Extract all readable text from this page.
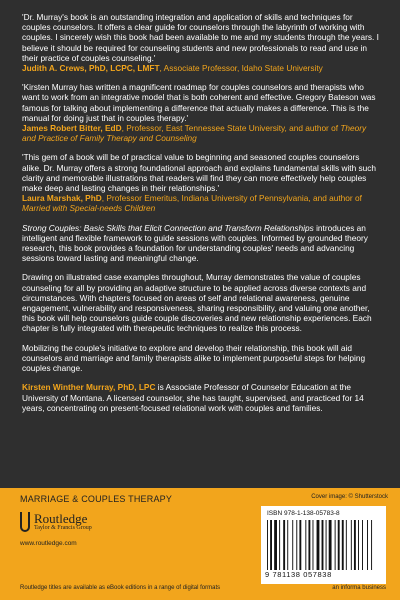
'Dr. Murray's book is an outstanding integration and application of skills and techniques for couples counselors. It offers a clear guide for counselors through the labyrinth of working with couples. I sincerely wish this book had been available to me and my students through the years. I believe it should be required for counseling students and new professionals to read and use in their practice of couples counseling.'
Judith A. Crews, PhD, LCPC, LMFT, Associate Professor, Idaho State University
'Kirsten Murray has written a magnificent roadmap for couples counselors and therapists who want to work from an integrative model that is both coherent and effective. Gregory Bateson was famous for talking about implementing a difference that actually makes a difference. This is the manual for doing just that in couples therapy.'
James Robert Bitter, EdD, Professor, East Tennessee State University, and author of Theory and Practice of Family Therapy and Counseling
'This gem of a book will be of practical value to beginning and seasoned couples counselors alike. Dr. Murray offers a strong foundational approach and explains fundamental skills with such clarity and memorable illustrations that readers will find they can more effectively help couples make deep and lasting changes in their relationships.'
Laura Marshak, PhD, Professor Emeritus, Indiana University of Pennsylvania, and author of Married with Special-needs Children

Strong Couples: Basic Skills that Elicit Connection and Transform Relationships introduces an intelligent and flexible framework to guide sessions with couples. Informed by grounded theory research, this book provides a foundation for understanding couples' needs and advancing sessions toward lasting and meaningful change.

Drawing on illustrated case examples throughout, Murray demonstrates the value of couples counseling for all by providing an adaptive structure to be applied across diverse contexts and circumstances. With chapters focused on areas of self and relational awareness, genuine engagement, vulnerability and responsiveness, sharing responsibility, and valuing one another, this book will help counselors guide couple discoveries and new relationship experiences. Each chapter is fully integrated with therapeutic techniques to realize this process.

Mobilizing the couple's initiative to explore and develop their relationship, this book will aid counselors and marriage and family therapists alike to implement purposeful steps for helping couples change.

Kirsten Winther Murray, PhD, LPC is Associate Professor of Counselor Education at the University of Montana. A licensed counselor, she has taught, supervised, and practiced for 14 years, concentrating on present-focused relational work with couples and families.

MARRIAGE & COUPLES THERAPY
Routledge
Taylor & Francis Group
www.routledge.com
Cover image: © Shutterstock
ISBN 978-1-138-05783-8
9 781138 057838
Routledge titles are available as eBook editions in a range of digital formats	an informa business
